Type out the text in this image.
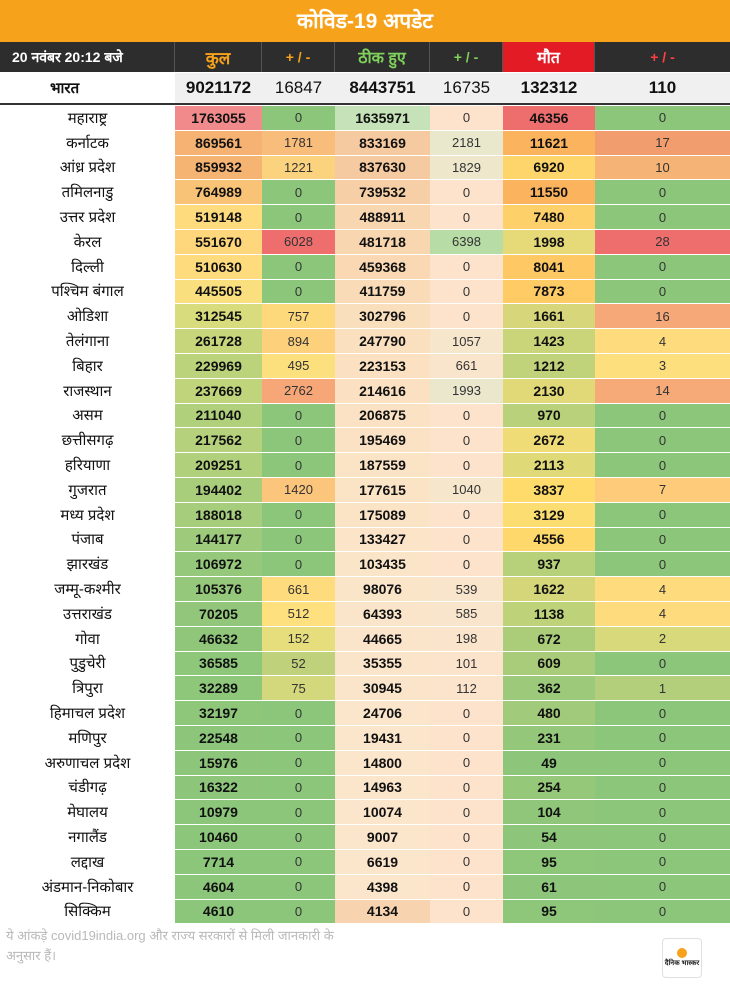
कोविड-19 अपडेट
20 नवंबर 20:12 बजे	कुल	+ / -	ठीक हुए	+ / -	मौत	+ / -
भारत	9021172	16847	8443751	16735	132312	110
महाराष्ट्र	1763055	0	1635971	0	46356	0
कर्नाटक	869561	1781	833169	2181	11621	17
आंध्र प्रदेश	859932	1221	837630	1829	6920	10
तमिलनाडु	764989	0	739532	0	11550	0
उत्तर प्रदेश	519148	0	488911	0	7480	0
केरल	551670	6028	481718	6398	1998	28
दिल्ली	510630	0	459368	0	8041	0
पश्चिम बंगाल	445505	0	411759	0	7873	0
ओडिशा	312545	757	302796	0	1661	16
तेलंगाना	261728	894	247790	1057	1423	4
बिहार	229969	495	223153	661	1212	3
राजस्थान	237669	2762	214616	1993	2130	14
असम	211040	0	206875	0	970	0
छत्तीसगढ़	217562	0	195469	0	2672	0
हरियाणा	209251	0	187559	0	2113	0
गुजरात	194402	1420	177615	1040	3837	7
मध्य प्रदेश	188018	0	175089	0	3129	0
पंजाब	144177	0	133427	0	4556	0
झारखंड	106972	0	103435	0	937	0
जम्मू-कश्मीर	105376	661	98076	539	1622	4
उत्तराखंड	70205	512	64393	585	1138	4
गोवा	46632	152	44665	198	672	2
पुडुचेरी	36585	52	35355	101	609	0
त्रिपुरा	32289	75	30945	112	362	1
हिमाचल प्रदेश	32197	0	24706	0	480	0
मणिपुर	22548	0	19431	0	231	0
अरुणाचल प्रदेश	15976	0	14800	0	49	0
चंडीगढ़	16322	0	14963	0	254	0
मेघालय	10979	0	10074	0	104	0
नगालैंड	10460	0	9007	0	54	0
लद्दाख	7714	0	6619	0	95	0
अंडमान-निकोबार	4604	0	4398	0	61	0
सिक्किम	4610	0	4134	0	95	0
ये आंकड़े covid19india.org और राज्य सरकारों से मिली जानकारी के अनुसार हैं।
दैनिक भास्कर
